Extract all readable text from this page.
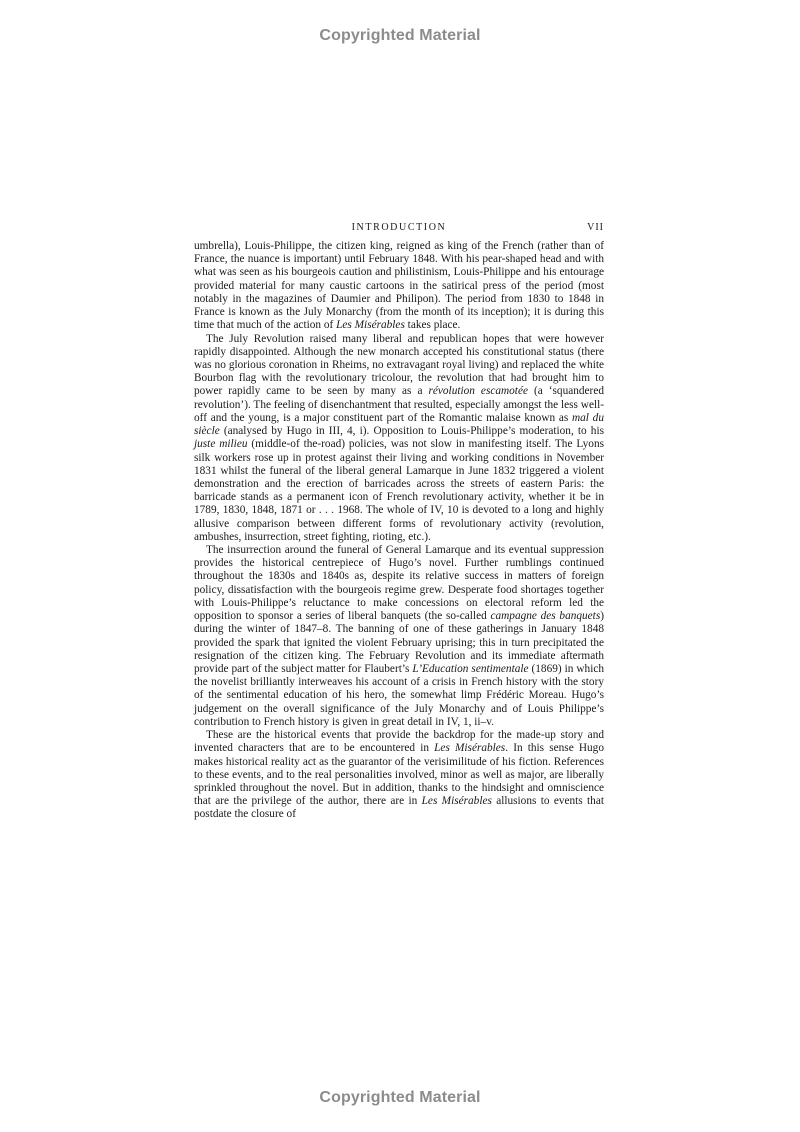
Copyrighted Material
INTRODUCTION	VII

umbrella), Louis-Philippe, the citizen king, reigned as king of the French (rather than of France, the nuance is important) until February 1848. With his pear-shaped head and with what was seen as his bourgeois caution and philistinism, Louis-Philippe and his entourage provided material for many caustic cartoons in the satirical press of the period (most notably in the magazines of Daumier and Philipon). The period from 1830 to 1848 in France is known as the July Monarchy (from the month of its inception); it is during this time that much of the action of Les Misérables takes place.

The July Revolution raised many liberal and republican hopes that were however rapidly disappointed. Although the new monarch accepted his constitutional status (there was no glorious coronation in Rheims, no extravagant royal living) and replaced the white Bourbon flag with the revolutionary tricolour, the revolution that had brought him to power rapidly came to be seen by many as a révolution escamotée (a ‘squandered revolution’). The feeling of disenchantment that resulted, especially amongst the less well-off and the young, is a major constituent part of the Romantic malaise known as mal du siècle (analysed by Hugo in III, 4, i). Opposition to Louis-Philippe’s moderation, to his juste milieu (middle-of the-road) policies, was not slow in manifesting itself. The Lyons silk workers rose up in protest against their living and working conditions in November 1831 whilst the funeral of the liberal general Lamarque in June 1832 triggered a violent demonstration and the erection of barricades across the streets of eastern Paris: the barricade stands as a permanent icon of French revolutionary activity, whether it be in 1789, 1830, 1848, 1871 or . . . 1968. The whole of IV, 10 is devoted to a long and highly allusive comparison between different forms of revolutionary activity (revolution, ambushes, insurrection, street fighting, rioting, etc.).

The insurrection around the funeral of General Lamarque and its eventual suppression provides the historical centrepiece of Hugo’s novel. Further rumblings continued throughout the 1830s and 1840s as, despite its relative success in matters of foreign policy, dissatisfaction with the bourgeois regime grew. Desperate food shortages together with Louis-Philippe’s reluctance to make concessions on electoral reform led the opposition to sponsor a series of liberal banquets (the so-called campagne des banquets) during the winter of 1847–8. The banning of one of these gatherings in January 1848 provided the spark that ignited the violent February uprising; this in turn precipitated the resignation of the citizen king. The February Revolution and its immediate aftermath provide part of the subject matter for Flaubert’s L’Education sentimentale (1869) in which the novelist brilliantly interweaves his account of a crisis in French history with the story of the sentimental education of his hero, the somewhat limp Frédéric Moreau. Hugo’s judgement on the overall significance of the July Monarchy and of Louis Philippe’s contribution to French history is given in great detail in IV, 1, ii–v.

These are the historical events that provide the backdrop for the made-up story and invented characters that are to be encountered in Les Misérables. In this sense Hugo makes historical reality act as the guarantor of the verisimilitude of his fiction. References to these events, and to the real personalities involved, minor as well as major, are liberally sprinkled throughout the novel. But in addition, thanks to the hindsight and omniscience that are the privilege of the author, there are in Les Misérables allusions to events that postdate the closure of

Copyrighted Material
